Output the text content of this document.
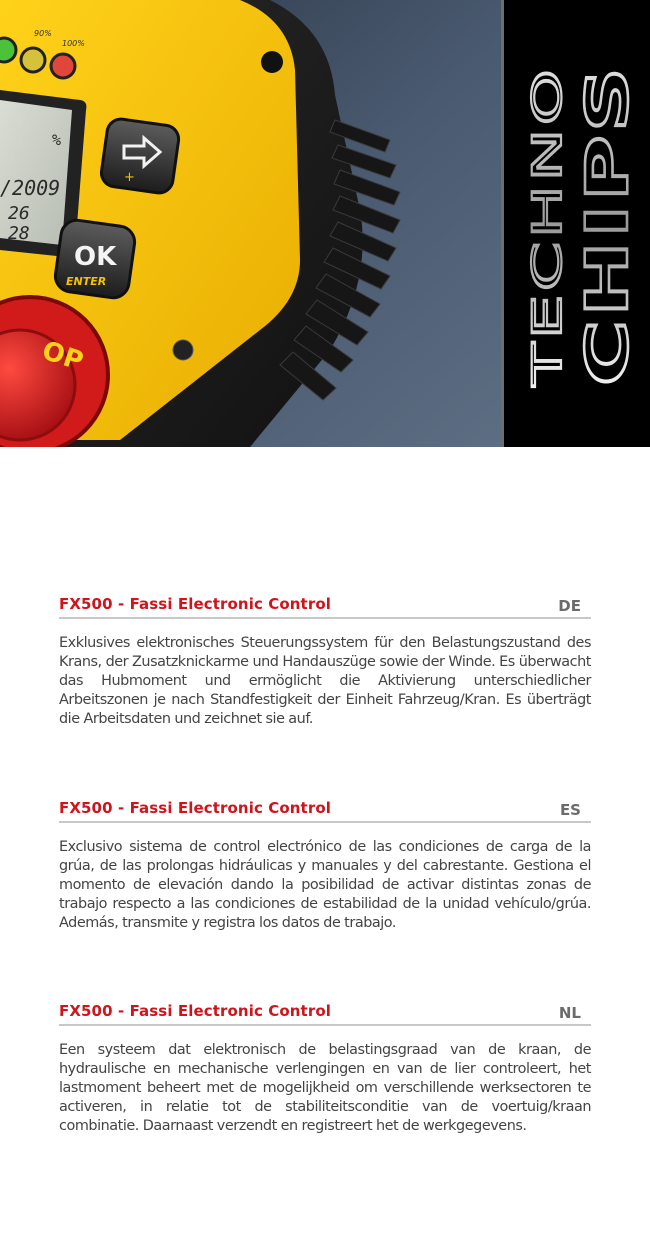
90%
100%
%
/2009
26
28
+
OK
ENTER
OP	TECHNO CHIPS
FX500 - Fassi Electronic Control	DE

Exklusives elektronisches Steuerungssystem für den Belastungszustand des Krans, der Zusatzknickarme und Handauszüge sowie der Winde. Es überwacht das Hubmoment und ermöglicht die Aktivierung unterschiedlicher Arbeitszonen je nach Standfestigkeit der Einheit Fahrzeug/Kran. Es überträgt die Arbeitsdaten und zeichnet sie auf.

FX500 - Fassi Electronic Control	ES

Exclusivo sistema de control electrónico de las condiciones de carga de la grúa, de las prolongas hidráulicas y manuales y del cabrestante. Gestiona el momento de elevación dando la posibilidad de activar distintas zonas de trabajo respecto a las condiciones de estabilidad de la unidad vehículo/grúa. Además, transmite y registra los datos de trabajo.

FX500 - Fassi Electronic Control	NL

Een systeem dat elektronisch de belastingsgraad van de kraan, de hydraulische en mechanische verlengingen en van de lier controleert, het lastmoment beheert met de mogelijkheid om verschillende werksectoren te activeren, in relatie tot de stabiliteitsconditie van de voertuig/kraan combinatie. Daarnaast verzendt en registreert het de werkgegevens.
